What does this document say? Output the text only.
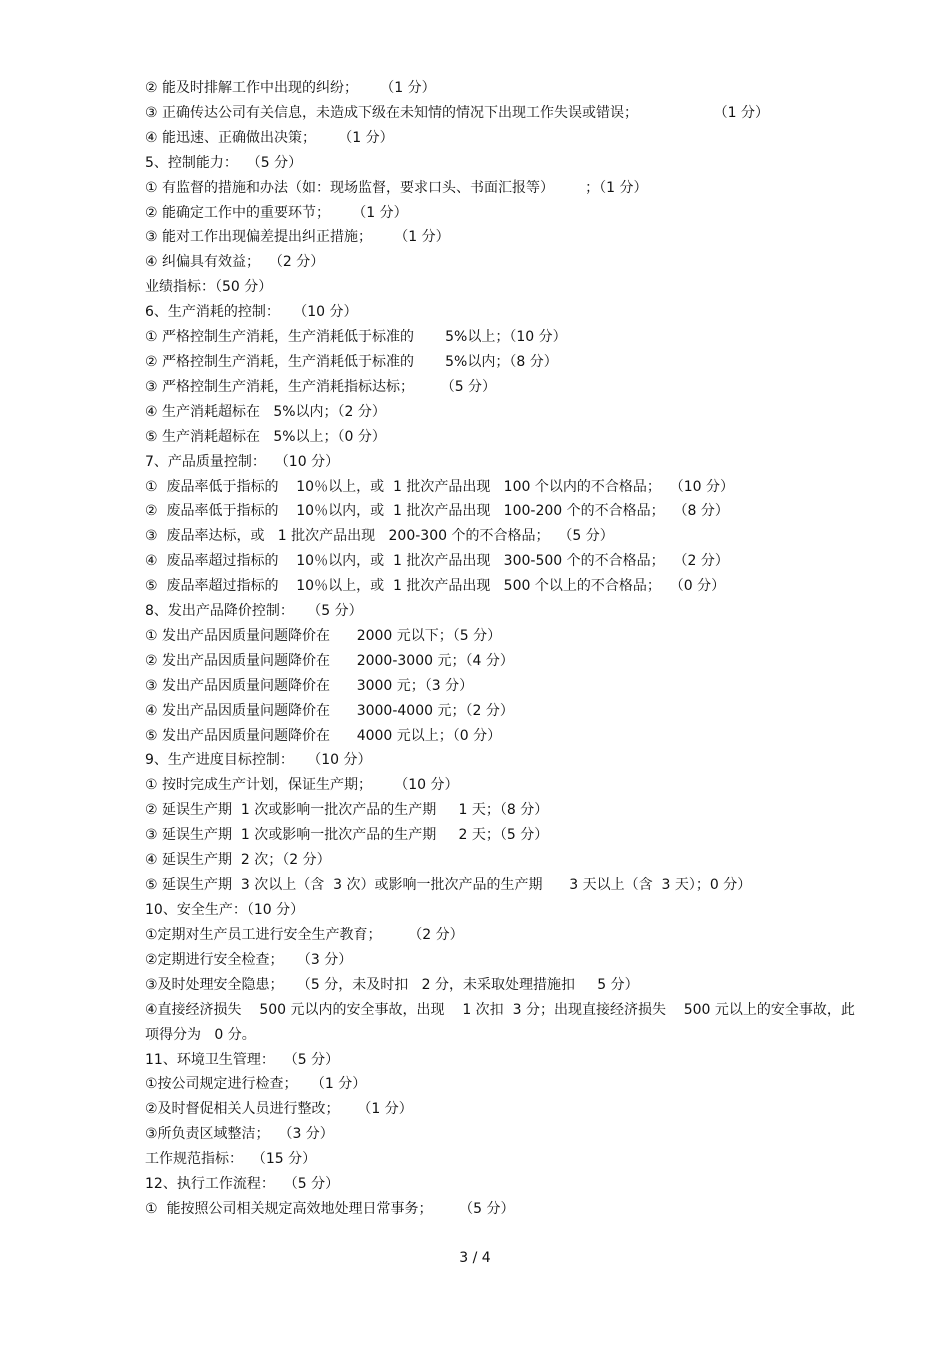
② 能及时排解工作中出现的纠纷；     （1 分）
③ 正确传达公司有关信息，未造成下级在未知情的情况下出现工作失误或错误；                 （1 分）
④ 能迅速、正确做出决策；     （1 分）
5、控制能力：  （5 分）
① 有监督的措施和办法（如：现场监督，要求口头、书面汇报等）       ；（1 分）
② 能确定工作中的重要环节；     （1 分）
③ 能对工作出现偏差提出纠正措施；     （1 分）
④ 纠偏具有效益；  （2 分）
业绩指标：（50 分）
6、生产消耗的控制：   （10 分）
① 严格控制生产消耗，生产消耗低于标准的       5%以上；（10 分）
② 严格控制生产消耗，生产消耗低于标准的       5%以内；（8 分）
③ 严格控制生产消耗，生产消耗指标达标；      （5 分）
④ 生产消耗超标在   5%以内；（2 分）
⑤ 生产消耗超标在   5%以上；（0 分）
7、产品质量控制：  （10 分）
①  废品率低于指标的    10％以上，或  1 批次产品出现   100 个以内的不合格品；  （10 分）
②  废品率低于指标的    10％以内，或  1 批次产品出现   100-200 个的不合格品；  （8 分）
③  废品率达标，或   1 批次产品出现   200-300 个的不合格品；  （5 分）
④  废品率超过指标的    10％以内，或  1 批次产品出现   300-500 个的不合格品；  （2 分）
⑤  废品率超过指标的    10％以上，或  1 批次产品出现   500 个以上的不合格品；  （0 分）
8、发出产品降价控制：   （5 分）
① 发出产品因质量问题降价在      2000 元以下；（5 分）
② 发出产品因质量问题降价在      2000-3000 元；（4 分）
③ 发出产品因质量问题降价在      3000 元；（3 分）
④ 发出产品因质量问题降价在      3000-4000 元；（2 分）
⑤ 发出产品因质量问题降价在      4000 元以上；（0 分）
9、生产进度目标控制：   （10 分）
① 按时完成生产计划，保证生产期；     （10 分）
② 延误生产期  1 次或影响一批次产品的生产期     1 天；（8 分）
③ 延误生产期  1 次或影响一批次产品的生产期     2 天；（5 分）
④ 延误生产期  2 次；（2 分）
⑤ 延误生产期  3 次以上（含  3 次）或影响一批次产品的生产期      3 天以上（含  3 天）；0 分）
10、安全生产：（10 分）
①定期对生产员工进行安全生产教育；      （2 分）
②定期进行安全检查；   （3 分）
③及时处理安全隐患；   （5 分，未及时扣   2 分，未采取处理措施扣     5 分）
④直接经济损失    500 元以内的安全事故，出现    1 次扣  3 分；出现直接经济损失    500 元以上的安全事故，此项得分为   0 分。
11、环境卫生管理：  （5 分）
①按公司规定进行检查；   （1 分）
②及时督促相关人员进行整改；    （1 分）
③所负责区域整洁；  （3 分）
工作规范指标：  （15 分）
12、执行工作流程：  （5 分）
①  能按照公司相关规定高效地处理日常事务；      （5 分）
3 / 4
